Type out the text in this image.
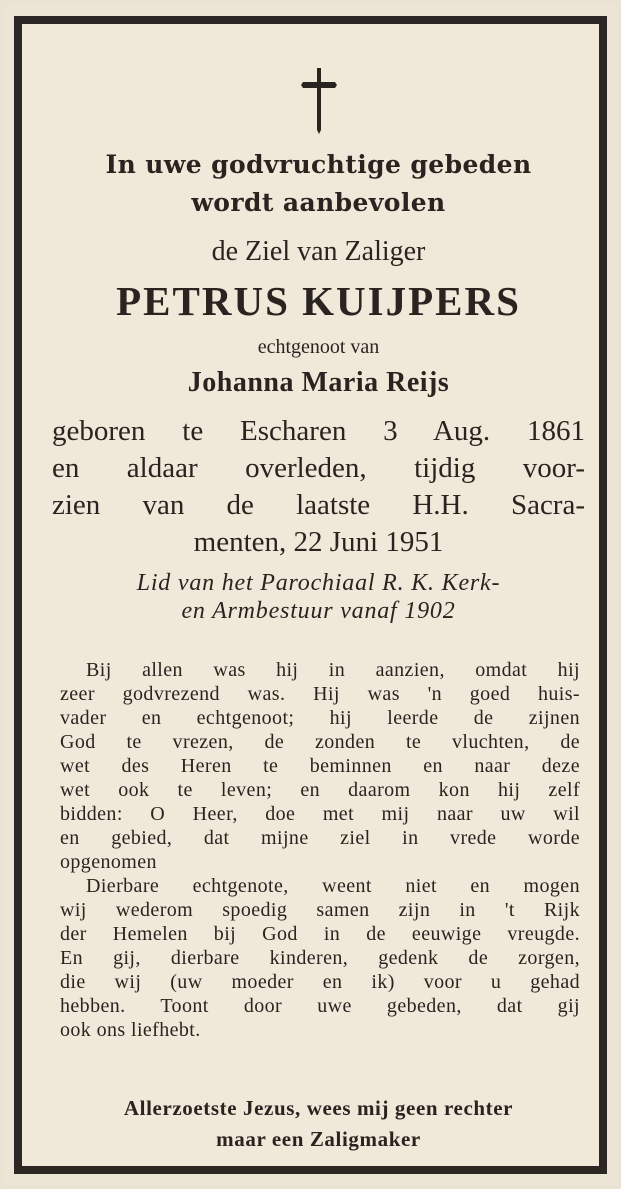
In uwe godvruchtige gebeden
wordt aanbevolen
de Ziel van Zaliger
PETRUS KUIJPERS
echtgenoot van
Johanna Maria Reijs
geboren te Escharen 3 Aug. 1861
en aldaar overleden, tijdig voor-
zien van de laatste H.H. Sacra-
menten, 22 Juni 1951
Lid van het Parochiaal R. K. Kerk-
en Armbestuur vanaf 1902
Bij allen was hij in aanzien, omdat hij
zeer godvrezend was. Hij was 'n goed huis-
vader en echtgenoot; hij leerde de zijnen
God te vrezen, de zonden te vluchten, de
wet des Heren te beminnen en naar deze
wet ook te leven; en daarom kon hij zelf
bidden: O Heer, doe met mij naar uw wil
en gebied, dat mijne ziel in vrede worde
opgenomen
Dierbare echtgenote, weent niet en mogen
wij wederom spoedig samen zijn in 't Rijk
der Hemelen bij God in de eeuwige vreugde.
En gij, dierbare kinderen, gedenk de zorgen,
die wij (uw moeder en ik) voor u gehad
hebben. Toont door uwe gebeden, dat gij
ook ons liefhebt.
Allerzoetste Jezus, wees mij geen rechter
maar een Zaligmaker
